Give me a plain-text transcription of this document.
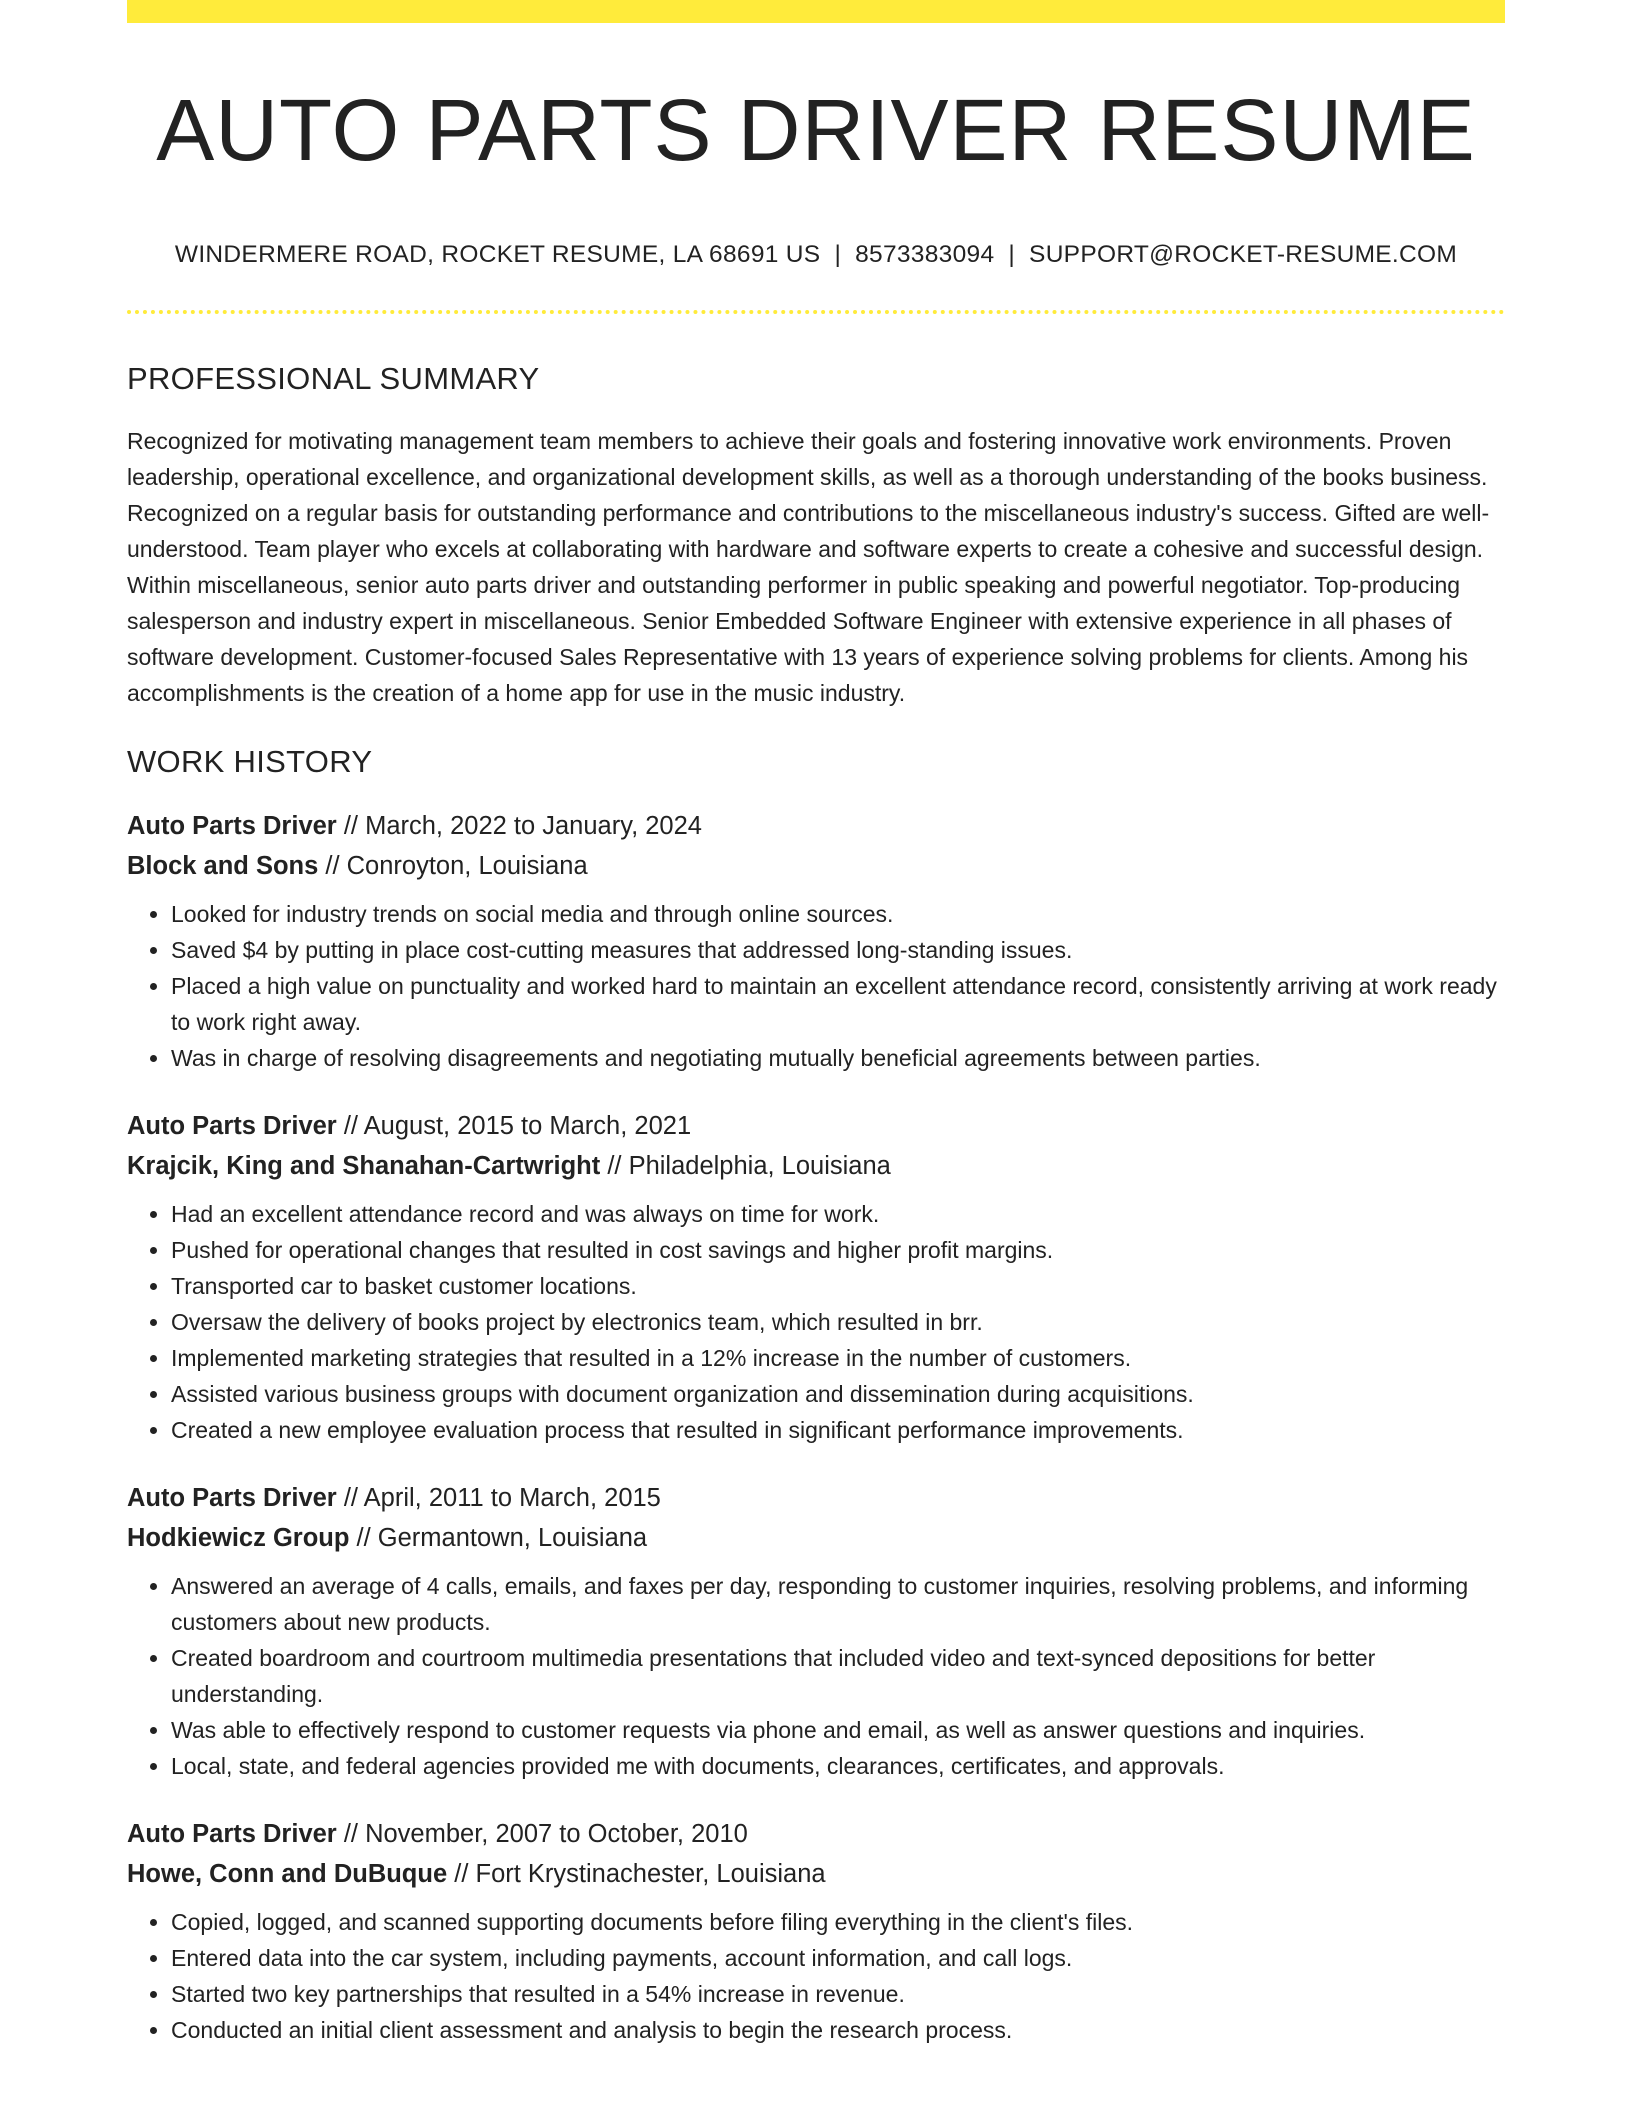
AUTO PARTS DRIVER RESUME
WINDERMERE ROAD, ROCKET RESUME, LA 68691 US | 8573383094 | SUPPORT@ROCKET-RESUME.COM
PROFESSIONAL SUMMARY

Recognized for motivating management team members to achieve their goals and fostering innovative work environments. Proven leadership, operational excellence, and organizational development skills, as well as a thorough understanding of the books business. Recognized on a regular basis for outstanding performance and contributions to the miscellaneous industry's success. Gifted are well-understood. Team player who excels at collaborating with hardware and software experts to create a cohesive and successful design. Within miscellaneous, senior auto parts driver and outstanding performer in public speaking and powerful negotiator. Top-producing salesperson and industry expert in miscellaneous. Senior Embedded Software Engineer with extensive experience in all phases of software development. Customer-focused Sales Representative with 13 years of experience solving problems for clients. Among his accomplishments is the creation of a home app for use in the music industry.

WORK HISTORY
Auto Parts Driver // March, 2022 to January, 2024
Block and Sons // Conroyton, Louisiana
• Looked for industry trends on social media and through online sources.
• Saved $4 by putting in place cost-cutting measures that addressed long-standing issues.
• Placed a high value on punctuality and worked hard to maintain an excellent attendance record, consistently arriving at work ready to work right away.
• Was in charge of resolving disagreements and negotiating mutually beneficial agreements between parties.
Auto Parts Driver // August, 2015 to March, 2021
Krajcik, King and Shanahan-Cartwright // Philadelphia, Louisiana
• Had an excellent attendance record and was always on time for work.
• Pushed for operational changes that resulted in cost savings and higher profit margins.
• Transported car to basket customer locations.
• Oversaw the delivery of books project by electronics team, which resulted in brr.
• Implemented marketing strategies that resulted in a 12% increase in the number of customers.
• Assisted various business groups with document organization and dissemination during acquisitions.
• Created a new employee evaluation process that resulted in significant performance improvements.
Auto Parts Driver // April, 2011 to March, 2015
Hodkiewicz Group // Germantown, Louisiana
• Answered an average of 4 calls, emails, and faxes per day, responding to customer inquiries, resolving problems, and informing customers about new products.
• Created boardroom and courtroom multimedia presentations that included video and text-synced depositions for better understanding.
• Was able to effectively respond to customer requests via phone and email, as well as answer questions and inquiries.
• Local, state, and federal agencies provided me with documents, clearances, certificates, and approvals.
Auto Parts Driver // November, 2007 to October, 2010
Howe, Conn and DuBuque // Fort Krystinachester, Louisiana
• Copied, logged, and scanned supporting documents before filing everything in the client's files.
• Entered data into the car system, including payments, account information, and call logs.
• Started two key partnerships that resulted in a 54% increase in revenue.
• Conducted an initial client assessment and analysis to begin the research process.
